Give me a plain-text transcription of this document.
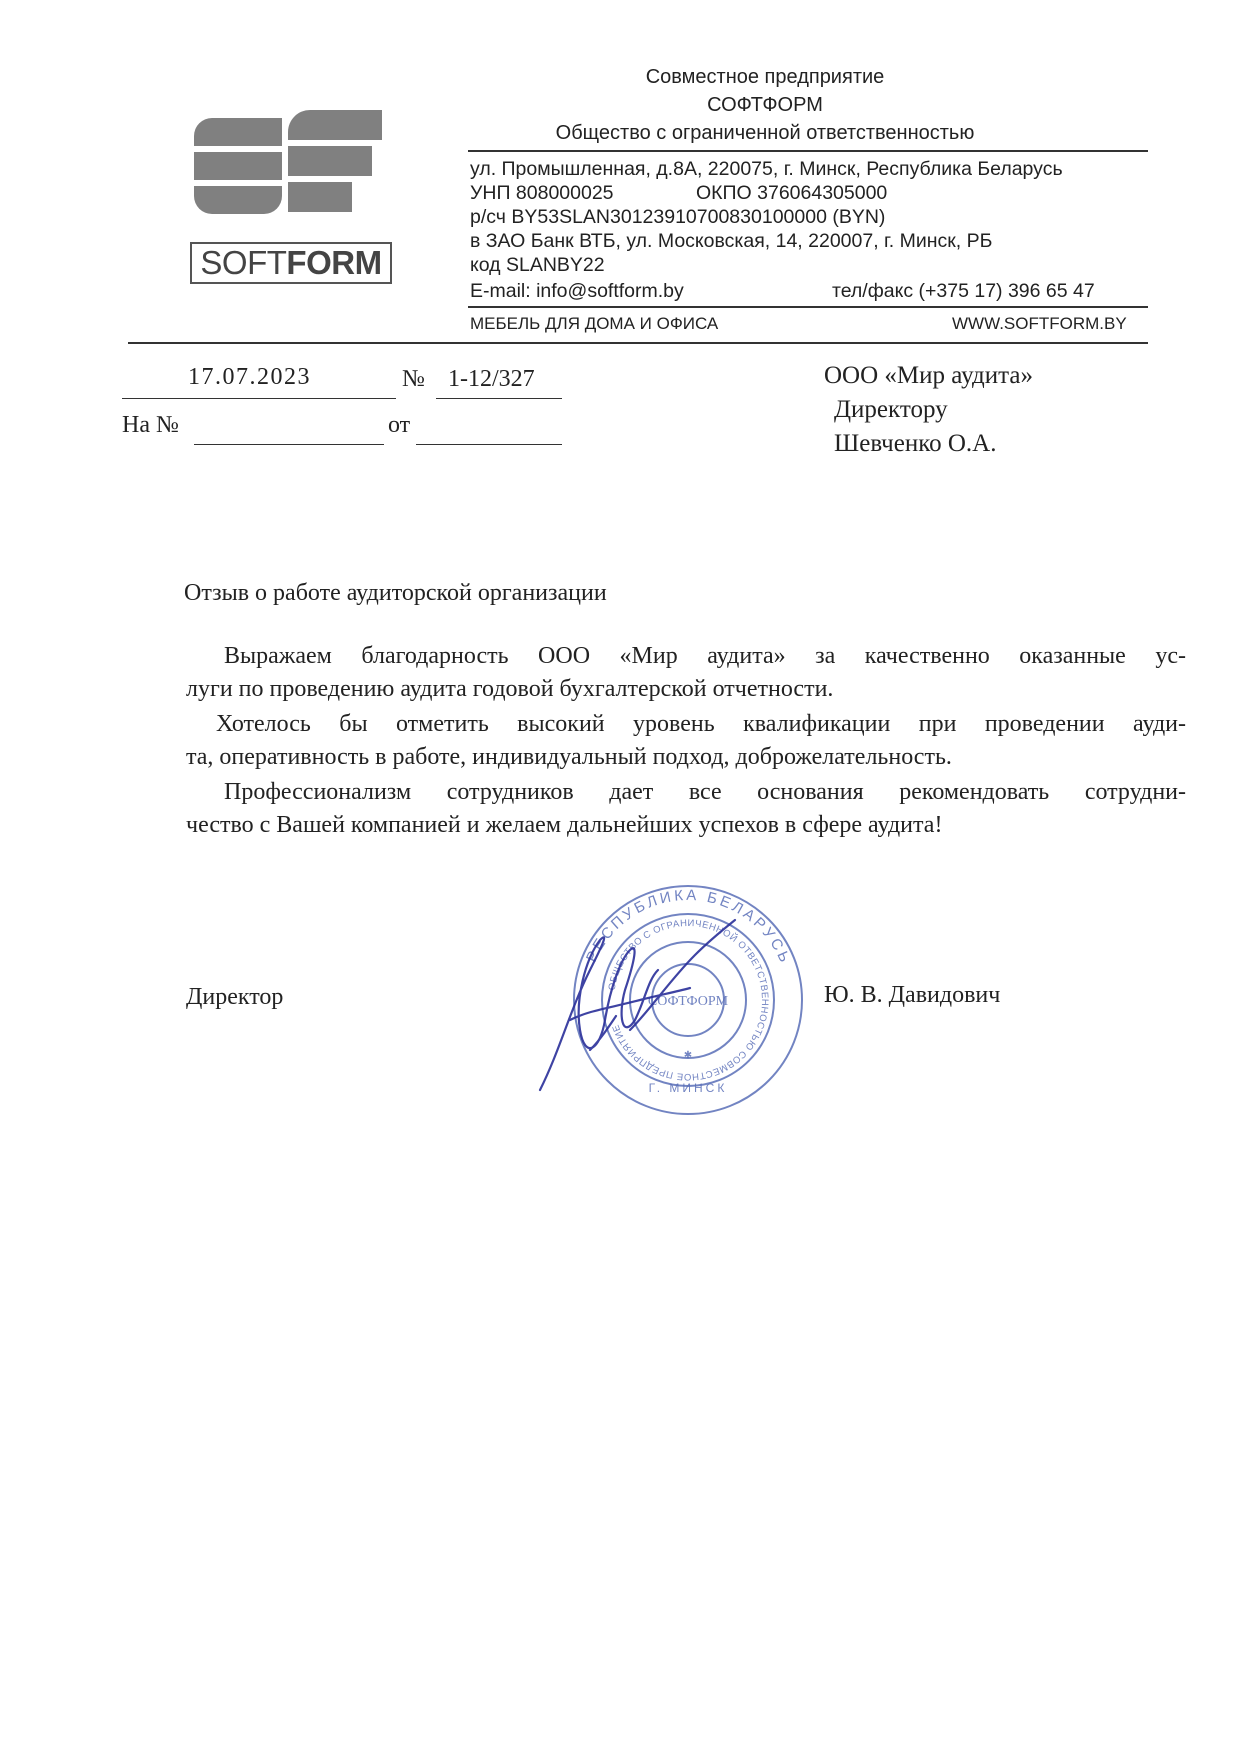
SOFTFORM
Совместное предприятие
СОФТФОРМ
Общество с ограниченной ответственностью
ул. Промышленная, д.8А, 220075, г. Минск, Республика Беларусь
УНП 808000025	ОКПО 376064305000
р/сч BY53SLAN30123910700830100000 (BYN)
в ЗАО Банк ВТБ, ул. Московская, 14, 220007, г. Минск, РБ
код SLANBY22
E-mail: info@softform.by	тел/факс (+375 17) 396 65 47
МЕБЕЛЬ ДЛЯ ДОМА И ОФИСА	WWW.SOFTFORM.BY
17.07.2023	№ 1-12/327
На №	от
ООО «Мир аудита»
Директору
Шевченко О.А.
Отзыв о работе аудиторской организации
Выражаем благодарность ООО «Мир аудита» за качественно оказанные ус-
луги по проведению аудита годовой бухгалтерской отчетности.
Хотелось бы отметить высокий уровень квалификации при проведении ауди-
та, оперативность в работе, индивидуальный подход, доброжелательность.
Профессионализм сотрудников дает все основания рекомендовать сотрудни-
чество с Вашей компанией и желаем дальнейших успехов в сфере аудита!
Директор
РЕСПУБЛИКА БЕЛАРУСЬ
ОБЩЕСТВО С ОГРАНИЧЕННОЙ ОТВЕТСТВЕННОСТЬЮ СОВМЕСТНОЕ ПРЕДПРИЯТИЕ
СОФТФОРМ
Г. МИНСК
✱
Ю. В. Давидович
